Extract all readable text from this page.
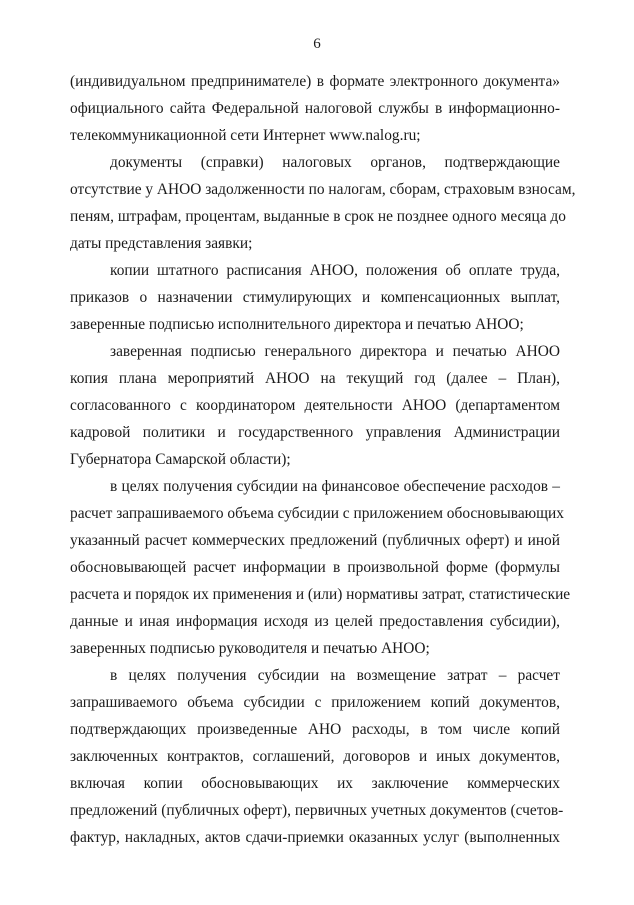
6
(индивидуальном предпринимателе) в формате электронного документа»
официального сайта Федеральной налоговой службы в информационно-
телекоммуникационной сети Интернет www.nalog.ru;
документы (справки) налоговых органов, подтверждающие
отсутствие у АНОО задолженности по налогам, сборам, страховым взносам,
пеням, штрафам, процентам, выданные в срок не позднее одного месяца до
даты представления заявки;
копии штатного расписания АНОО, положения об оплате труда,
приказов о назначении стимулирующих и компенсационных выплат,
заверенные подписью исполнительного директора и печатью АНОО;
заверенная подписью генерального директора и печатью АНОО
копия плана мероприятий АНОО на текущий год (далее – План),
согласованного с координатором деятельности АНОО (департаментом
кадровой политики и государственного управления Администрации
Губернатора Самарской области);
в целях получения субсидии на финансовое обеспечение расходов –
расчет запрашиваемого объема субсидии с приложением обосновывающих
указанный расчет коммерческих предложений (публичных оферт) и иной
обосновывающей расчет информации в произвольной форме (формулы
расчета и порядок их применения и (или) нормативы затрат, статистические
данные и иная информация исходя из целей предоставления субсидии),
заверенных подписью руководителя и печатью АНОО;
в целях получения субсидии на возмещение затрат – расчет
запрашиваемого объема субсидии с приложением копий документов,
подтверждающих произведенные АНО расходы, в том числе копий
заключенных контрактов, соглашений, договоров и иных документов,
включая копии обосновывающих их заключение коммерческих
предложений (публичных оферт), первичных учетных документов (счетов-
фактур, накладных, актов сдачи-приемки оказанных услуг (выполненных
